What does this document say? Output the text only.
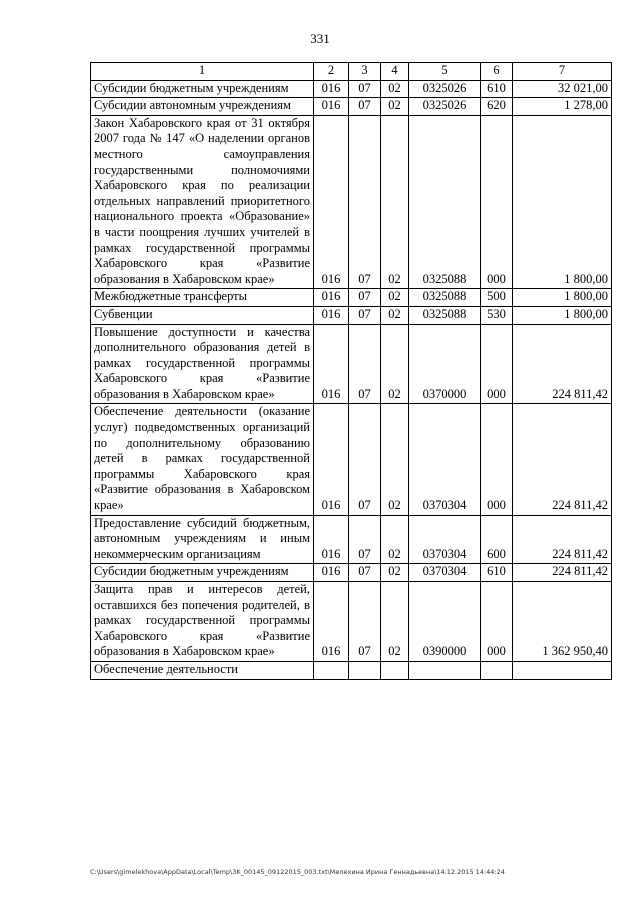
331
1	2	3	4	5	6	7
Субсидии бюджетным учреждениям	016	07	02	0325026	610	32 021,00
Субсидии автономным учреждениям	016	07	02	0325026	620	1 278,00
Закон Хабаровского края от 31 октября 2007 года № 147 «О наделении органов местного самоуправления государственными полномочиями Хабаровского края по реализации отдельных направлений приоритетного национального проекта «Образование» в части поощрения лучших учителей в рамках государственной программы Хабаровского края «Развитие образования в Хабаровском крае»	016	07	02	0325088	000	1 800,00
Межбюджетные трансферты	016	07	02	0325088	500	1 800,00
Субвенции	016	07	02	0325088	530	1 800,00
Повышение доступности и качества дополнительного образования детей в рамках государственной программы Хабаровского края «Развитие образования в Хабаровском крае»	016	07	02	0370000	000	224 811,42
Обеспечение деятельности (оказание услуг) подведомственных организаций по дополнительному образованию детей в рамках государственной программы Хабаровского края «Развитие образования в Хабаровском крае»	016	07	02	0370304	000	224 811,42
Предоставление субсидий бюджетным, автономным учреждениям и иным некоммерческим организациям	016	07	02	0370304	600	224 811,42
Субсидии бюджетным учреждениям	016	07	02	0370304	610	224 811,42
Защита прав и интересов детей, оставшихся без попечения родителей, в рамках государственной программы Хабаровского края «Развитие образования в Хабаровском крае»	016	07	02	0390000	000	1 362 950,40
Обеспечение деятельности						
C:\Users\gimelekhova\AppData\Local\Temp\3K_00145_09122015_003.txt\Мелехина Ирина Геннадьевна\14.12.2015 14:44:24
